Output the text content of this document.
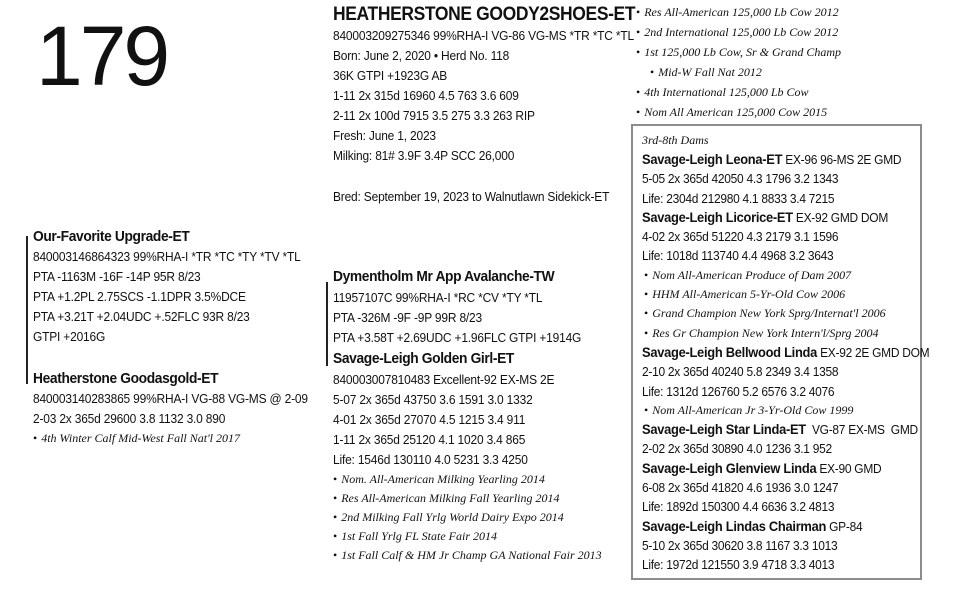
179	HEATHERSTONE GOODY2SHOES-ET
840003209275346 99%RHA-I VG-86 VG-MS *TR *TC *TL
Born: June 2, 2020 • Herd No. 118
36K GTPI +1923G AB
1-11 2x 315d 16960 4.5 763 3.6 609
2-11 2x 100d 7915 3.5 275 3.3 263 RIP
Fresh: June 1, 2023
Milking: 81# 3.9F 3.4P SCC 26,000
Bred: September 19, 2023 to Walnutlawn Sidekick-ET
• Res All-American 125,000 Lb Cow 2012
• 2nd International 125,000 Lb Cow 2012
• 1st 125,000 Lb Cow, Sr & Grand Champ
• Mid-W Fall Nat 2012
• 4th International 125,000 Lb Cow
• Nom All American 125,000 Cow 2015
Our-Favorite Upgrade-ET
840003146864323 99%RHA-I *TR *TC *TY *TV *TL
PTA -1163M -16F -14P 95R 8/23
PTA +1.2PL 2.75SCS -1.1DPR 3.5%DCE
PTA +3.21T +2.04UDC +.52FLC 93R 8/23
GTPI +2016G
Heatherstone Goodasgold-ET
840003140283865 99%RHA-I VG-88 VG-MS @ 2-09
2-03 2x 365d 29600 3.8 1132 3.0 890
• 4th Winter Calf Mid-West Fall Nat'l 2017
Dymentholm Mr App Avalanche-TW
11957107C 99%RHA-I *RC *CV *TY *TL
PTA -326M -9F -9P 99R 8/23
PTA +3.58T +2.69UDC +1.96FLC GTPI +1914G
Savage-Leigh Golden Girl-ET
840003007810483 Excellent-92 EX-MS 2E
5-07 2x 365d 43750 3.6 1591 3.0 1332
4-01 2x 365d 27070 4.5 1215 3.4 911
1-11 2x 365d 25120 4.1 1020 3.4 865
Life: 1546d 130110 4.0 5231 3.3 4250
• Nom. All-American Milking Yearling 2014
• Res All-American Milking Fall Yearling 2014
• 2nd Milking Fall Yrlg World Dairy Expo 2014
• 1st Fall Yrlg FL State Fair 2014
• 1st Fall Calf & HM Jr Champ GA National Fair 2013
3rd-8th Dams
Savage-Leigh Leona-ET EX-96 96-MS 2E GMD
5-05 2x 365d 42050 4.3 1796 3.2 1343
Life: 2304d 212980 4.1 8833 3.4 7215
Savage-Leigh Licorice-ET EX-92 GMD DOM
4-02 2x 365d 51220 4.3 2179 3.1 1596
Life: 1018d 113740 4.4 4968 3.2 3643
• Nom All-American Produce of Dam 2007
• HHM All-American 5-Yr-Old Cow 2006
• Grand Champion New York Sprg/Internat'l 2006
• Res Gr Champion New York Intern'l/Sprg 2004
Savage-Leigh Bellwood Linda EX-92 2E GMD DOM
2-10 2x 365d 40240 5.8 2349 3.4 1358
Life: 1312d 126760 5.2 6576 3.2 4076
• Nom All-American Jr 3-Yr-Old Cow 1999
Savage-Leigh Star Linda-ET  VG-87 EX-MS  GMD
2-02 2x 365d 30890 4.0 1236 3.1 952
Savage-Leigh Glenview Linda EX-90 GMD
6-08 2x 365d 41820 4.6 1936 3.0 1247
Life: 1892d 150300 4.4 6636 3.2 4813
Savage-Leigh Lindas Chairman GP-84
5-10 2x 365d 30620 3.8 1167 3.3 1013
Life: 1972d 121550 3.9 4718 3.3 4013
